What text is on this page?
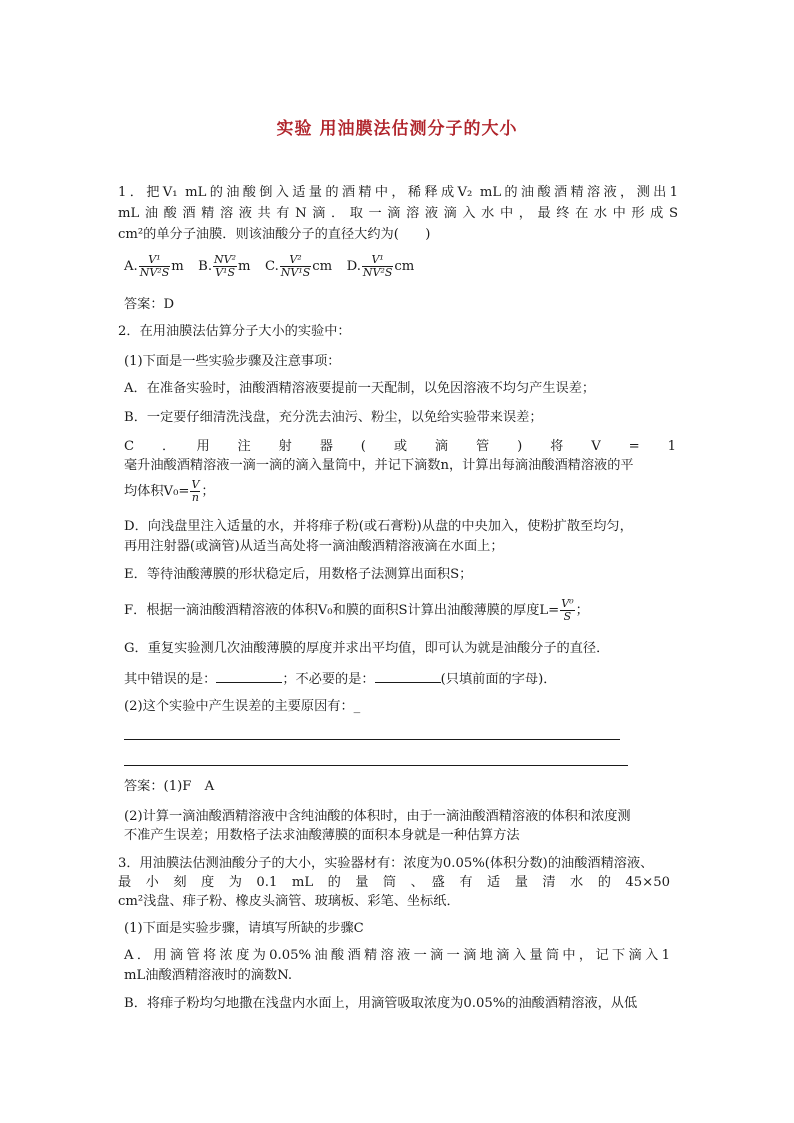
实验 用油膜法估测分子的大小
1．把V₁ mL的油酸倒入适量的酒精中，稀释成V₂ mL的油酸酒精溶液，测出1
mL油酸酒精溶液共有N滴．取一滴溶液滴入水中，最终在水中形成S
cm²的单分子油膜．则该油酸分子的直径大约为(　　)
A. $\frac{\text{V¹}}{\text{NV²S}}$ m B. $\frac{\text{NV²}}{\text{V¹S}}$ m C. $\frac{\text{V²}}{\text{NV¹S}}$ cm D. $\frac{\text{V¹}}{\text{NV²S}}$ cm
答案：D
2．在用油膜法估算分子大小的实验中：
(1)下面是一些实验步骤及注意事项：
A．在准备实验时，油酸酒精溶液要提前一天配制，以免因溶液不均匀产生误差；
B．一定要仔细清洗浅盘，充分洗去油污、粉尘，以免给实验带来误差；
C　．　用　注　射　器　(　或　滴　管　)　将　V　=　1
毫升油酸酒精溶液一滴一滴的滴入量筒中，并记下滴数n，计算出每滴油酸酒精溶液的平
均体积$V_0= \frac{V}{n}$ ；
D．向浅盘里注入适量的水，并将痱子粉(或石膏粉)从盘的中央加入，使粉扩散至均匀，
再用注射器(或滴管)从适当高处将一滴油酸酒精溶液滴在水面上；
E．等待油酸薄膜的形状稳定后，用数格子法测算出面积S；
F．根据一滴油酸酒精溶液的体积V₀和膜的面积S计算出油酸薄膜的厚度$L= \frac{\text{V⁰}}{S}$ ；
G．重复实验测几次油酸薄膜的厚度并求出平均值，即可认为就是油酸分子的直径．
其中错误的是：	；不必要的是：	(只填前面的字母)．
(2)这个实验中产生误差的主要原因有：_
答案：(1)F　A
(2)计算一滴油酸酒精溶液中含纯油酸的体积时，由于一滴油酸酒精溶液的体积和浓度测
不准产生误差；用数格子法求油酸薄膜的面积本身就是一种估算方法
3．用油膜法估测油酸分子的大小，实验器材有：浓度为0.05%(体积分数)的油酸酒精溶液、
最　小　刻　度　为　0.1　mL　的　量　筒　、　盛　有　适　量　清　水　的　45×50
cm²浅盘、痱子粉、橡皮头滴管、玻璃板、彩笔、坐标纸．
(1)下面是实验步骤，请填写所缺的步骤C
A．用滴管将浓度为0.05%油酸酒精溶液一滴一滴地滴入量筒中，记下滴入1
mL油酸酒精溶液时的滴数N.
B．将痱子粉均匀地撒在浅盘内水面上，用滴管吸取浓度为0.05%的油酸酒精溶液，从低
